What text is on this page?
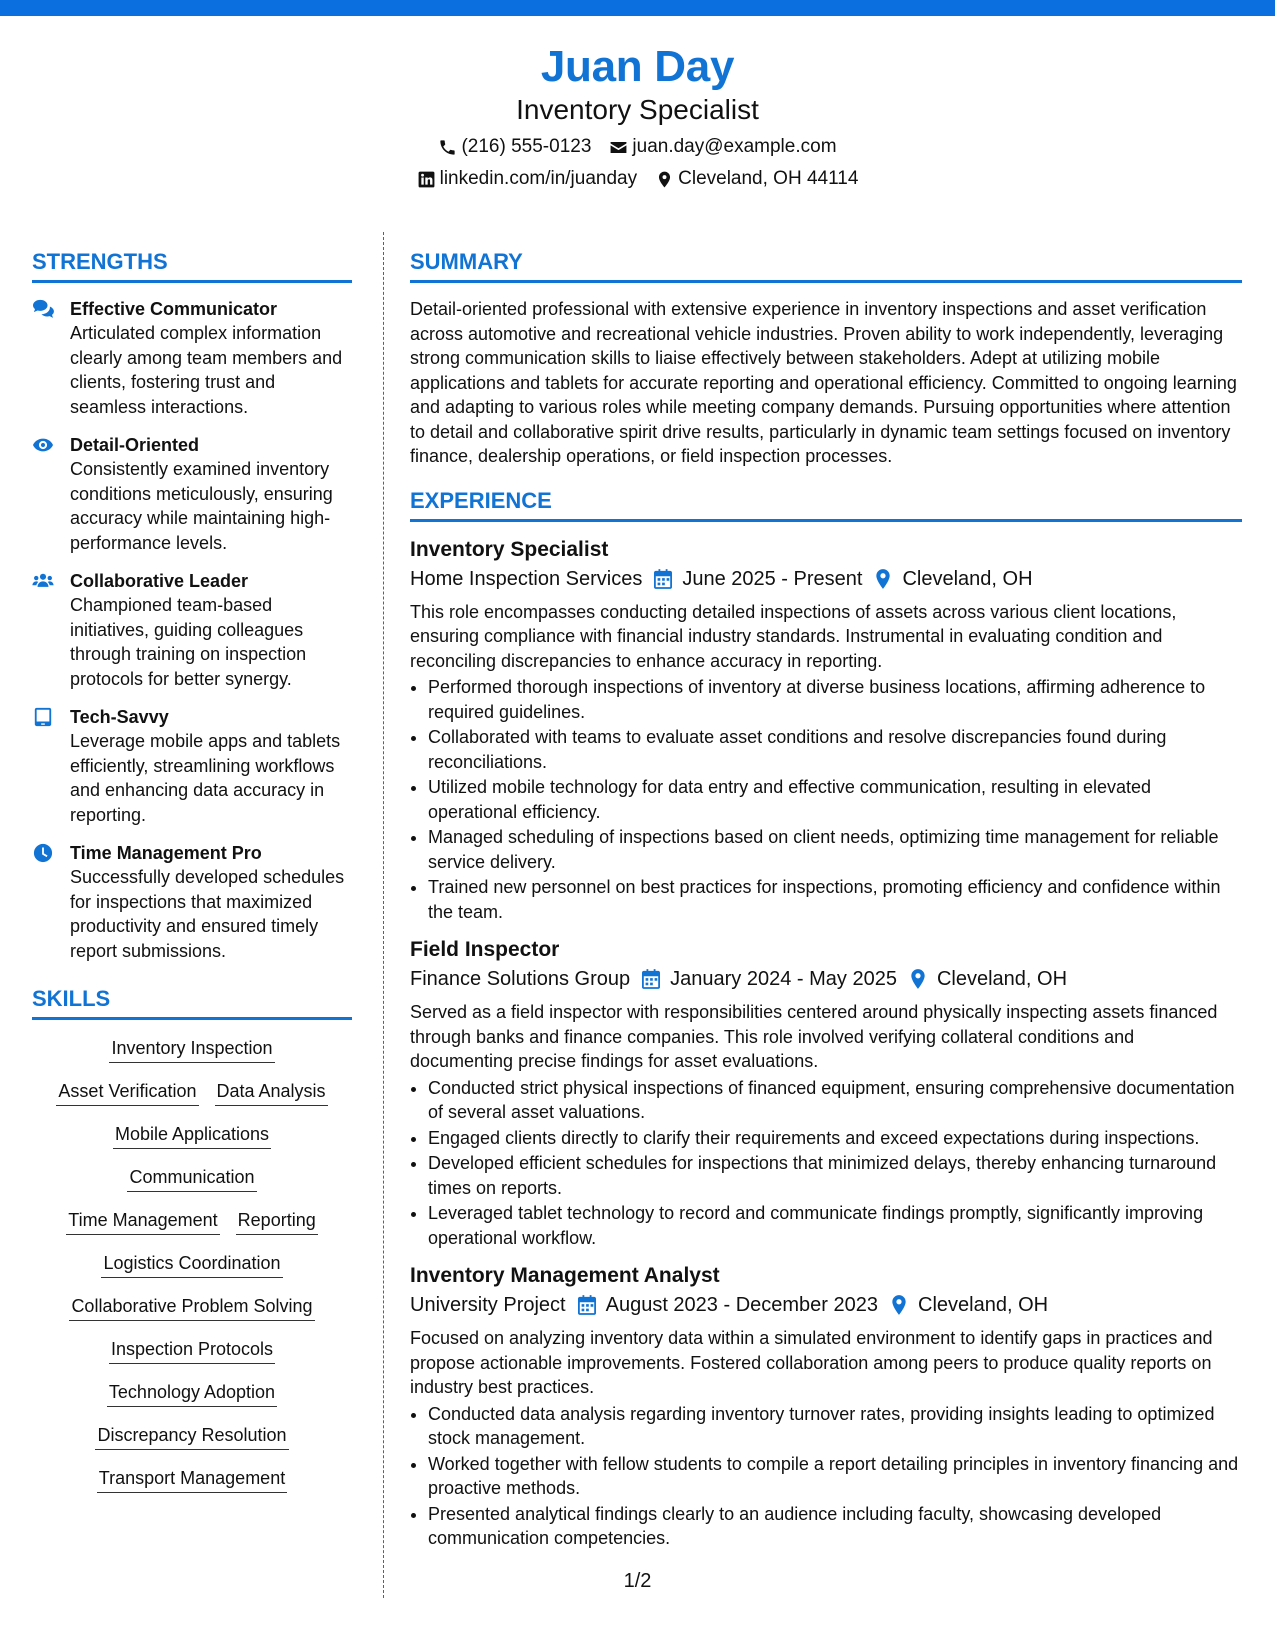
Juan Day
Inventory Specialist
(216) 555-0123 juan.day@example.com
linkedin.com/in/juanday Cleveland, OH 44114
STRENGTHS
Effective Communicator
Articulated complex information clearly among team members and clients, fostering trust and seamless interactions.
Detail-Oriented
Consistently examined inventory conditions meticulously, ensuring accuracy while maintaining high-performance levels.
Collaborative Leader
Championed team-based initiatives, guiding colleagues through training on inspection protocols for better synergy.
Tech-Savvy
Leverage mobile apps and tablets efficiently, streamlining workflows and enhancing data accuracy in reporting.
Time Management Pro
Successfully developed schedules for inspections that maximized productivity and ensured timely report submissions.
SKILLS
Inventory Inspection
Asset Verification Data Analysis
Mobile Applications
Communication
Time Management Reporting
Logistics Coordination
Collaborative Problem Solving
Inspection Protocols
Technology Adoption
Discrepancy Resolution
Transport Management
SUMMARY
Detail-oriented professional with extensive experience in inventory inspections and asset verification across automotive and recreational vehicle industries. Proven ability to work independently, leveraging strong communication skills to liaise effectively between stakeholders. Adept at utilizing mobile applications and tablets for accurate reporting and operational efficiency. Committed to ongoing learning and adapting to various roles while meeting company demands. Pursuing opportunities where attention to detail and collaborative spirit drive results, particularly in dynamic team settings focused on inventory finance, dealership operations, or field inspection processes.
EXPERIENCE
Inventory Specialist
Home Inspection Services June 2025 - Present Cleveland, OH
This role encompasses conducting detailed inspections of assets across various client locations, ensuring compliance with financial industry standards. Instrumental in evaluating condition and reconciling discrepancies to enhance accuracy in reporting.
• Performed thorough inspections of inventory at diverse business locations, affirming adherence to required guidelines.
• Collaborated with teams to evaluate asset conditions and resolve discrepancies found during reconciliations.
• Utilized mobile technology for data entry and effective communication, resulting in elevated operational efficiency.
• Managed scheduling of inspections based on client needs, optimizing time management for reliable service delivery.
• Trained new personnel on best practices for inspections, promoting efficiency and confidence within the team.
Field Inspector
Finance Solutions Group January 2024 - May 2025 Cleveland, OH
Served as a field inspector with responsibilities centered around physically inspecting assets financed through banks and finance companies. This role involved verifying collateral conditions and documenting precise findings for asset evaluations.
• Conducted strict physical inspections of financed equipment, ensuring comprehensive documentation of several asset valuations.
• Engaged clients directly to clarify their requirements and exceed expectations during inspections.
• Developed efficient schedules for inspections that minimized delays, thereby enhancing turnaround times on reports.
• Leveraged tablet technology to record and communicate findings promptly, significantly improving operational workflow.
Inventory Management Analyst
University Project August 2023 - December 2023 Cleveland, OH
Focused on analyzing inventory data within a simulated environment to identify gaps in practices and propose actionable improvements. Fostered collaboration among peers to produce quality reports on industry best practices.
• Conducted data analysis regarding inventory turnover rates, providing insights leading to optimized stock management.
• Worked together with fellow students to compile a report detailing principles in inventory financing and proactive methods.
• Presented analytical findings clearly to an audience including faculty, showcasing developed communication competencies.
1/2
